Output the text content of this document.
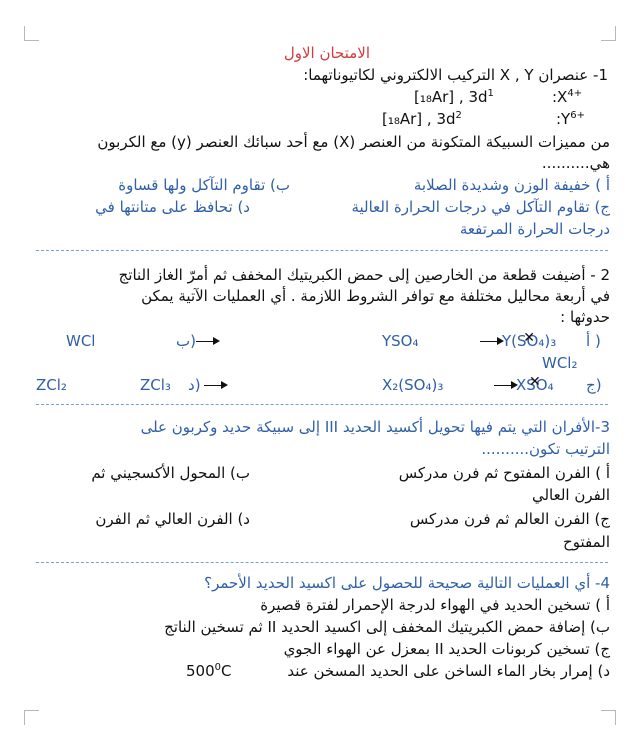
الامتحان الاول
1- عنصران X , Y التركيب الالكتروني لكاتيوناتهما:
[₁₈Ar] , $3d^1$	$:X^{4+}$
[₁₈Ar] , $3d^2$	$:Y^{6+}$
من مميزات السبيكة المتكونة من العنصر (X) مع أحد سبائك العنصر (y) مع الكربون
هي..........
أ ) خفيفة الوزن وشديدة الصلابة
ب) تقاوم التآكل ولها قساوة
ج) تقاوم التآكل في درجات الحرارة العالية
د) تحافظ على متانتها في
درجات الحرارة المرتفعة
2 - أضيفت قطعة من الخارصين إلى حمض الكبريتيك المخفف ثم أمرّ الغاز الناتج
في أربعة محاليل مختلفة مع توافر الشروط اللازمة . أي العمليات الآتية يمكن
حدوثها :
أ )
Y(SO₄)₃ ✕
YSO₄
ب)
WCl₂
WCl
ج)
XSO₄ ✕
X₂(SO₄)₃
ZCl₃ د)
ZCl₂
3-الأفران التي يتم فيها تحويل أكسيد الحديد III إلى سبيكة حديد وكربون على
الترتيب تكون..........
أ ) الفرن المفتوح ثم فرن مدركس
ب) المحول الأكسجيني ثم
الفرن العالي
ج) الفرن العالم ثم فرن مدركس
د) الفرن العالي ثم الفرن
المفتوح
4- أي العمليات التالية صحيحة للحصول على اكسيد الحديد الأحمر؟
أ ) تسخين الحديد في الهواء لدرجة الإحمرار لفترة قصيرة
ب) إضافة حمض الكبريتيك المخفف إلى اكسيد الحديد II ثم تسخين الناتج
ج) تسخين كربونات الحديد II بمعزل عن الهواء الجوي
د) إمرار بخار الماء الساخن على الحديد المسخن عند
$500^0C$
